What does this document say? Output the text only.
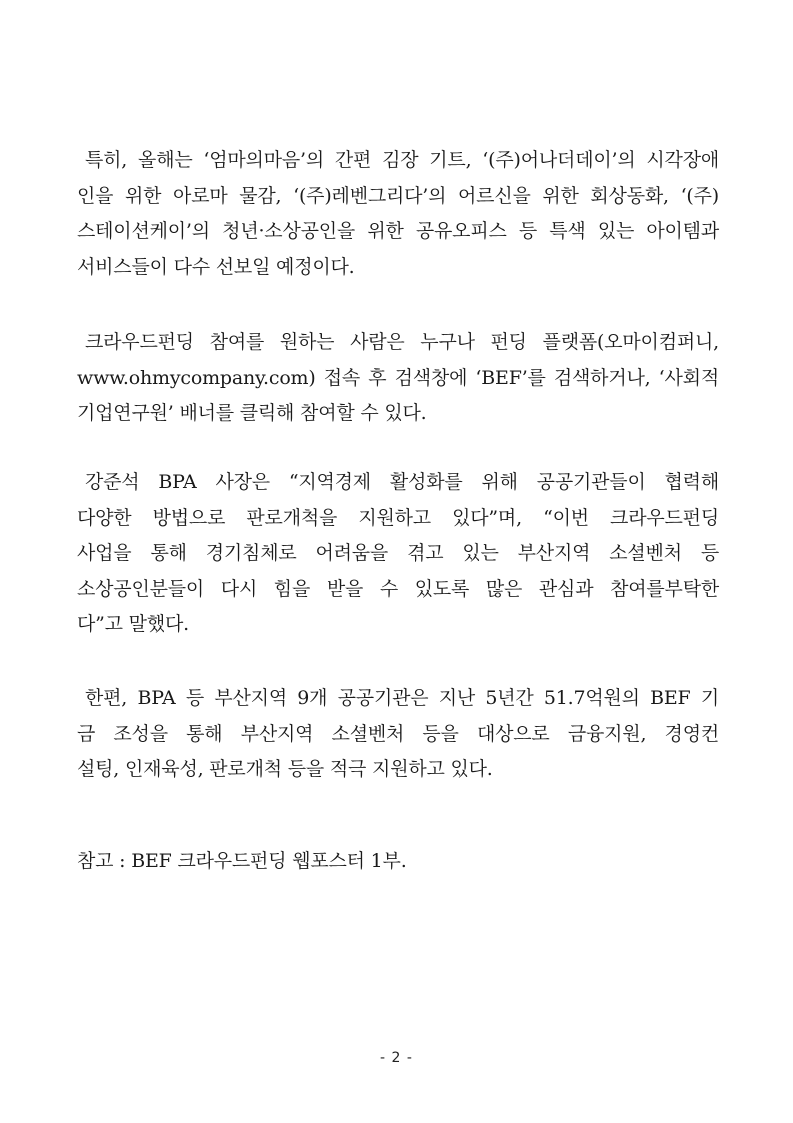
특히, 올해는 ‘엄마의마음’의 간편 김장 기트, ‘(주)어나더데이’의 시각장애
인을 위한 아로마 물감, ‘(주)레벤그리다’의 어르신을 위한 회상동화, ‘(주)
스테이션케이’의 청년·소상공인을 위한 공유오피스 등 특색 있는 아이템과
서비스들이 다수 선보일 예정이다.
크라우드펀딩 참여를 원하는 사람은 누구나 펀딩 플랫폼(오마이컴퍼니,
www.ohmycompany.com) 접속 후 검색창에 ‘BEF’를 검색하거나, ‘사회적
기업연구원’ 배너를 클릭해 참여할 수 있다.
강준석 BPA 사장은 “지역경제 활성화를 위해 공공기관들이 협력해
다양한 방법으로 판로개척을 지원하고 있다”며, “이번 크라우드펀딩
사업을 통해 경기침체로 어려움을 겪고 있는 부산지역 소셜벤처 등
소상공인분들이 다시 힘을 받을 수 있도록 많은 관심과 참여를부탁한
다”고 말했다.
한편, BPA 등 부산지역 9개 공공기관은 지난 5년간 51.7억원의 BEF 기
금 조성을 통해 부산지역 소셜벤처 등을 대상으로 금융지원, 경영컨
설팅, 인재육성, 판로개척 등을 적극 지원하고 있다.
참고 : BEF 크라우드펀딩 웹포스터 1부.
- 2 -
